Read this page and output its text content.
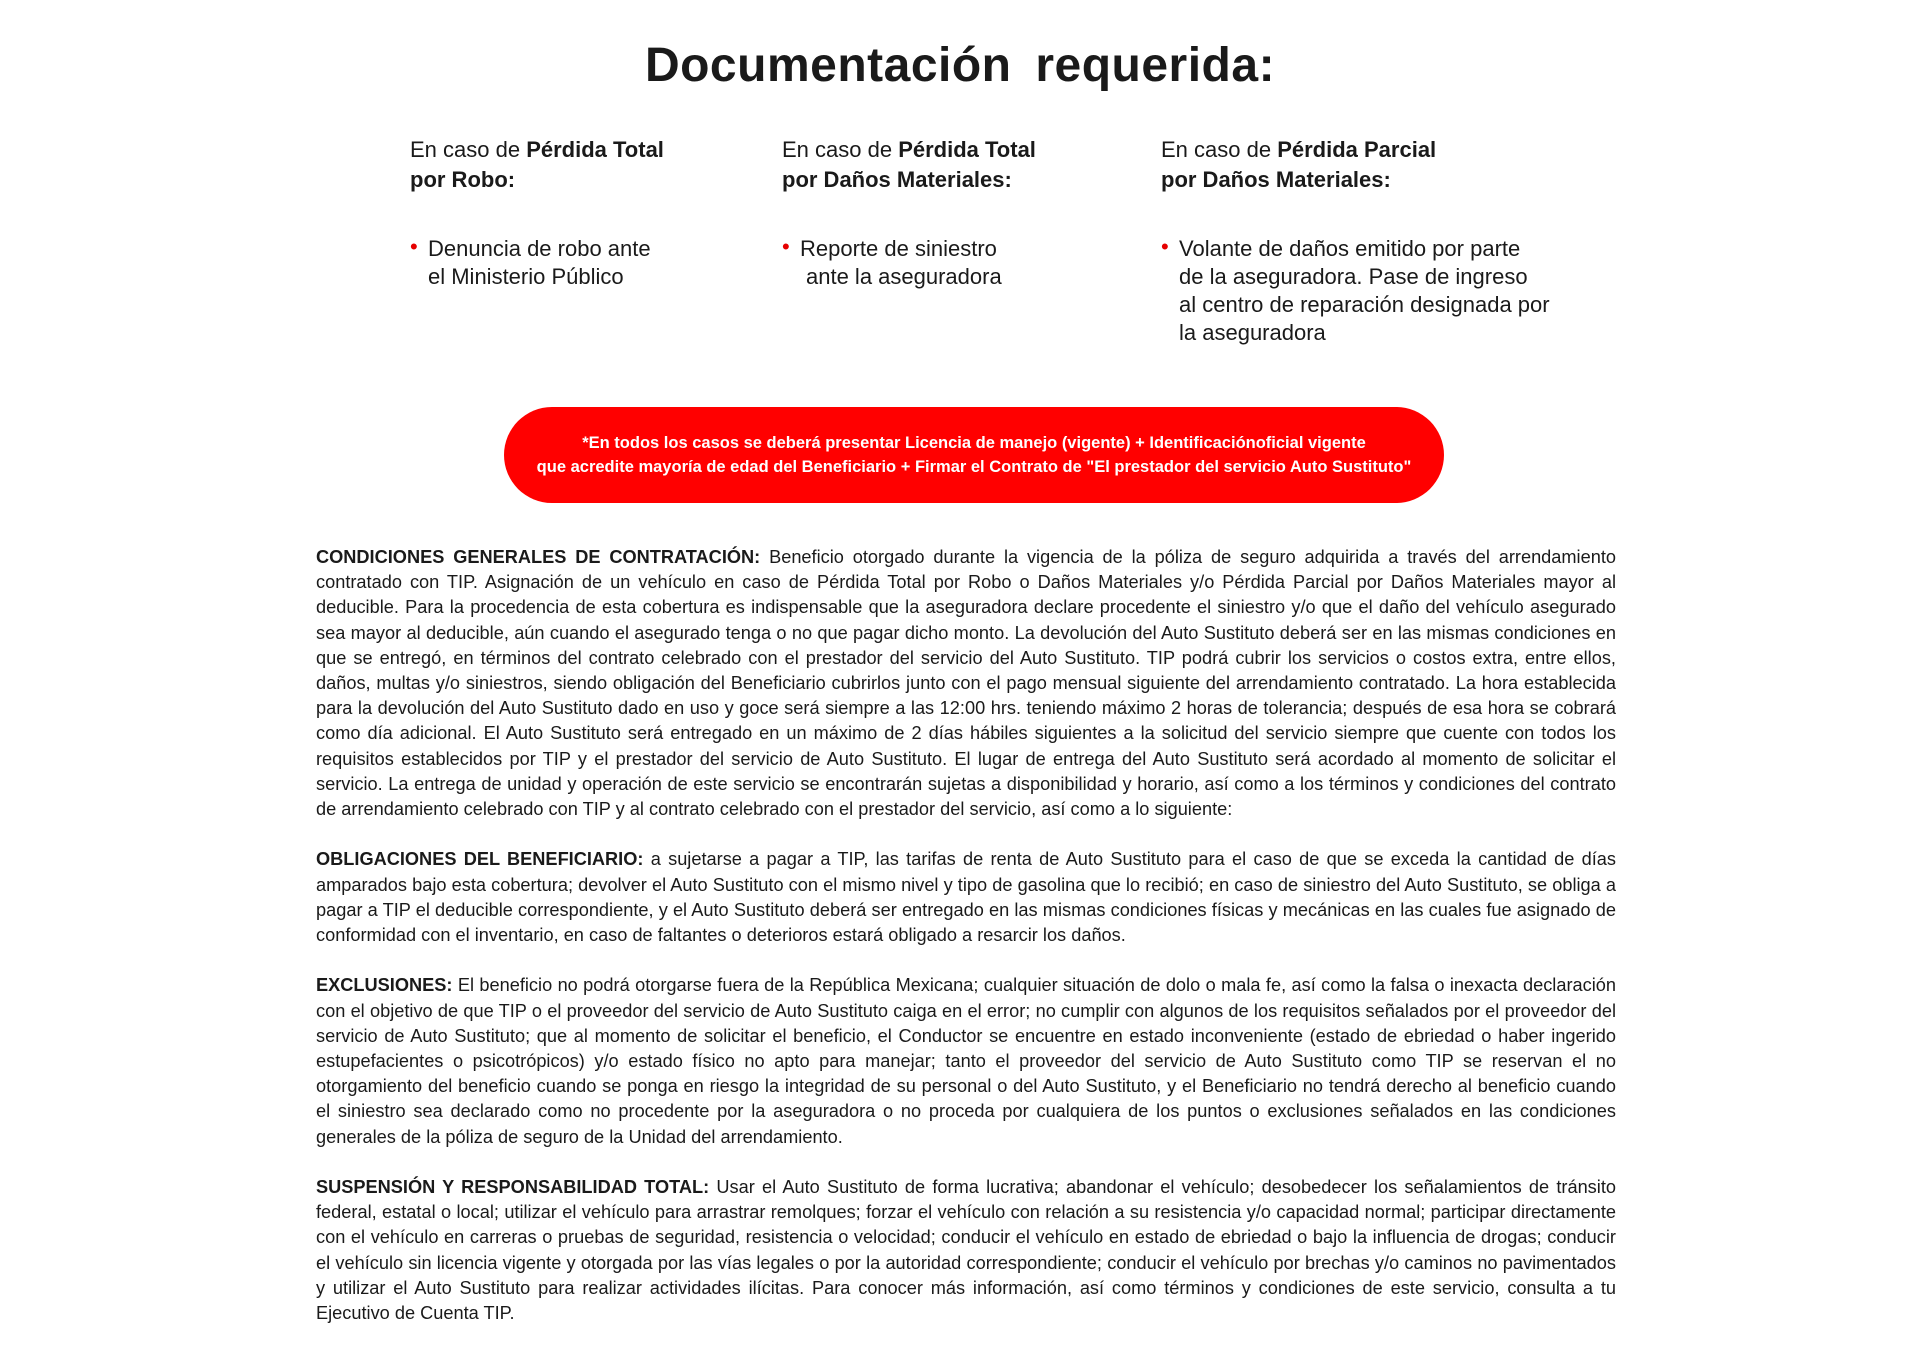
Documentación requerida:

En caso de Pérdida Total
por Robo:

• Denuncia de robo ante
el Ministerio Público

En caso de Pérdida Total
por Daños Materiales:

• Reporte de siniestro
ante la aseguradora

En caso de Pérdida Parcial
por Daños Materiales:

• Volante de daños emitido por parte
de la aseguradora. Pase de ingreso
al centro de reparación designada por
la aseguradora
*En todos los casos se deberá presentar Licencia de manejo (vigente) + Identificaciónoficial vigente
que acredite mayoría de edad del Beneficiario + Firmar el Contrato de "El prestador del servicio Auto Sustituto"

CONDICIONES GENERALES DE CONTRATACIÓN: Beneficio otorgado durante la vigencia de la póliza de seguro adquirida a través del arrendamiento contratado con TIP. Asignación de un vehículo en caso de Pérdida Total por Robo o Daños Materiales y/o Pérdida Parcial por Daños Materiales mayor al deducible. Para la procedencia de esta cobertura es indispensable que la aseguradora declare procedente el siniestro y/o que el daño del vehículo asegurado sea mayor al deducible, aún cuando el asegurado tenga o no que pagar dicho monto. La devolución del Auto Sustituto deberá ser en las mismas condiciones en que se entregó, en términos del contrato celebrado con el prestador del servicio del Auto Sustituto. TIP podrá cubrir los servicios o costos extra, entre ellos, daños, multas y/o siniestros, siendo obligación del Beneficiario cubrirlos junto con el pago mensual siguiente del arrendamiento contratado. La hora establecida para la devolución del Auto Sustituto dado en uso y goce será siempre a las 12:00 hrs. teniendo máximo 2 horas de tolerancia; después de esa hora se cobrará como día adicional. El Auto Sustituto será entregado en un máximo de 2 días hábiles siguientes a la solicitud del servicio siempre que cuente con todos los requisitos establecidos por TIP y el prestador del servicio de Auto Sustituto. El lugar de entrega del Auto Sustituto será acordado al momento de solicitar el servicio. La entrega de unidad y operación de este servicio se encontrarán sujetas a disponibilidad y horario, así como a los términos y condiciones del contrato de arrendamiento celebrado con TIP y al contrato celebrado con el prestador del servicio, así como a lo siguiente:

OBLIGACIONES DEL BENEFICIARIO: a sujetarse a pagar a TIP, las tarifas de renta de Auto Sustituto para el caso de que se exceda la cantidad de días amparados bajo esta cobertura; devolver el Auto Sustituto con el mismo nivel y tipo de gasolina que lo recibió; en caso de siniestro del Auto Sustituto, se obliga a pagar a TIP el deducible correspondiente, y el Auto Sustituto deberá ser entregado en las mismas condiciones físicas y mecánicas en las cuales fue asignado de conformidad con el inventario, en caso de faltantes o deterioros estará obligado a resarcir los daños.

EXCLUSIONES: El beneficio no podrá otorgarse fuera de la República Mexicana; cualquier situación de dolo o mala fe, así como la falsa o inexacta declaración con el objetivo de que TIP o el proveedor del servicio de Auto Sustituto caiga en el error; no cumplir con algunos de los requisitos señalados por el proveedor del servicio de Auto Sustituto; que al momento de solicitar el beneficio, el Conductor se encuentre en estado inconveniente (estado de ebriedad o haber ingerido estupefacientes o psicotrópicos) y/o estado físico no apto para manejar; tanto el proveedor del servicio de Auto Sustituto como TIP se reservan el no otorgamiento del beneficio cuando se ponga en riesgo la integridad de su personal o del Auto Sustituto, y el Beneficiario no tendrá derecho al beneficio cuando el siniestro sea declarado como no procedente por la aseguradora o no proceda por cualquiera de los puntos o exclusiones señalados en las condiciones generales de la póliza de seguro de la Unidad del arrendamiento.

SUSPENSIÓN Y RESPONSABILIDAD TOTAL: Usar el Auto Sustituto de forma lucrativa; abandonar el vehículo; desobedecer los señalamientos de tránsito federal, estatal o local; utilizar el vehículo para arrastrar remolques; forzar el vehículo con relación a su resistencia y/o capacidad normal; participar directamente con el vehículo en carreras o pruebas de seguridad, resistencia o velocidad; conducir el vehículo en estado de ebriedad o bajo la influencia de drogas; conducir el vehículo sin licencia vigente y otorgada por las vías legales o por la autoridad correspondiente; conducir el vehículo por brechas y/o caminos no pavimentados y utilizar el Auto Sustituto para realizar actividades ilícitas. Para conocer más información, así como términos y condiciones de este servicio, consulta a tu Ejecutivo de Cuenta TIP.
